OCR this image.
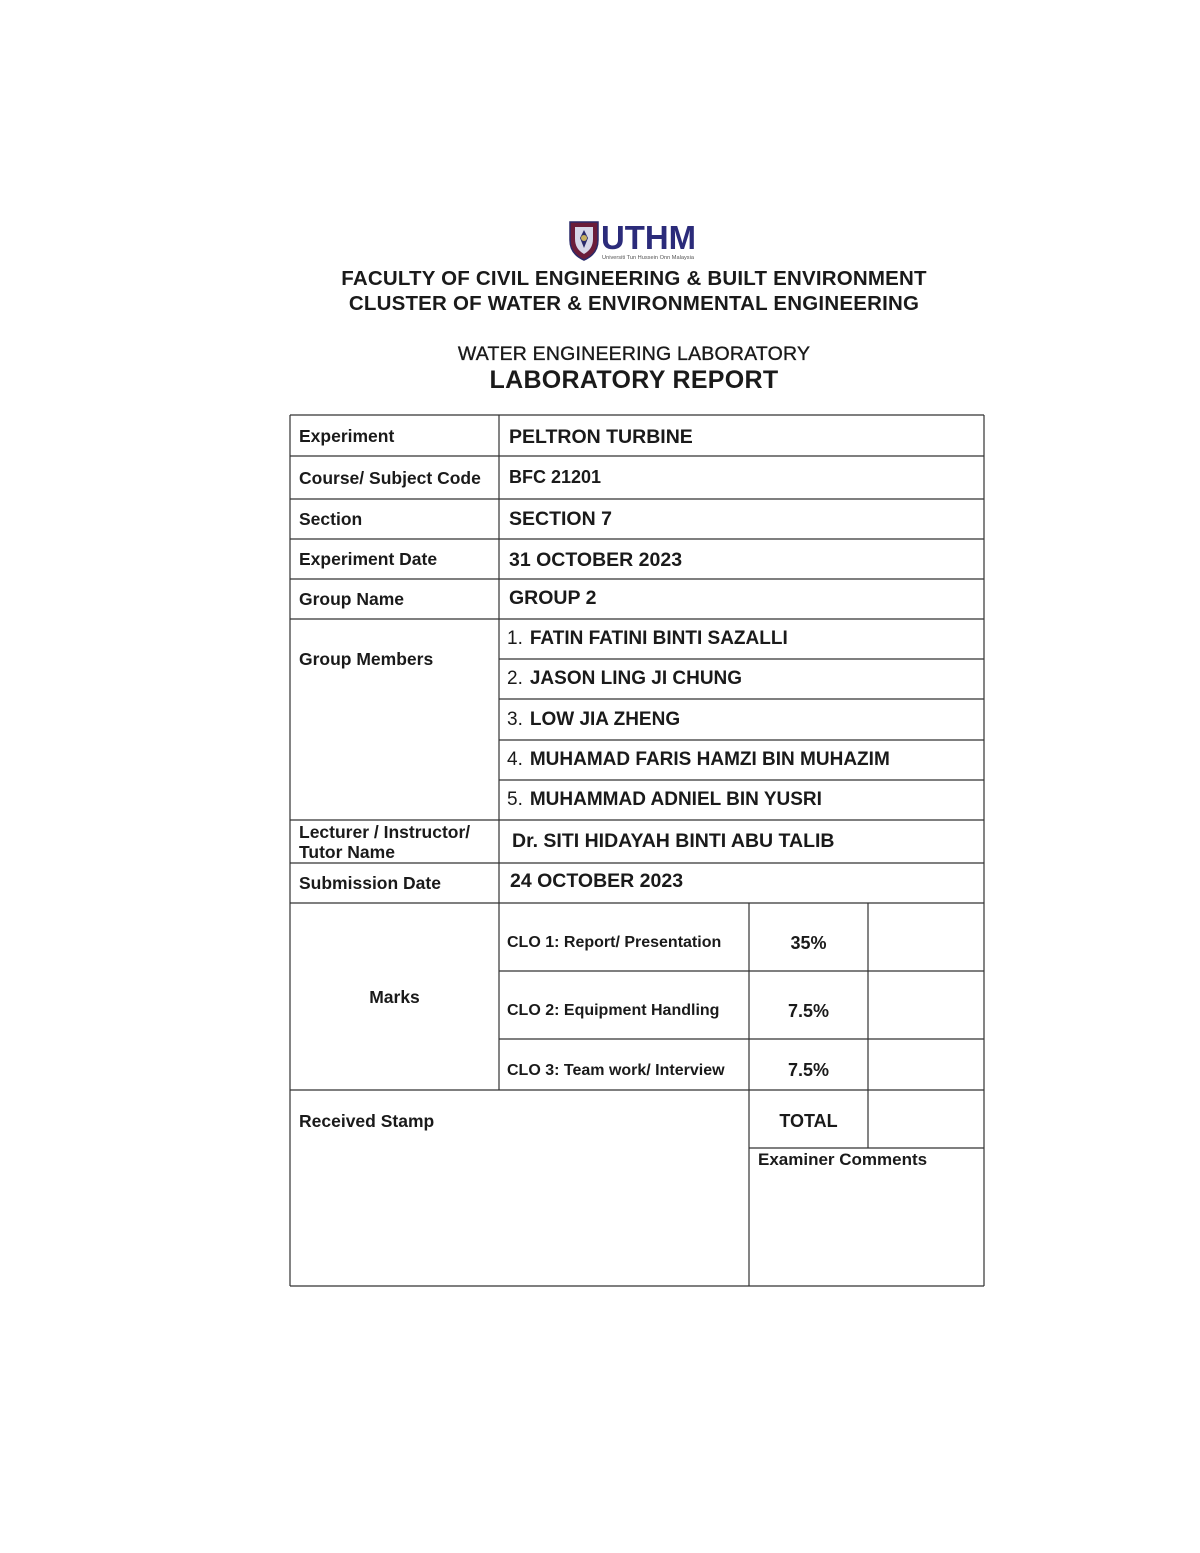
UTHM
Universiti Tun Hussein Onn Malaysia
FACULTY OF CIVIL ENGINEERING & BUILT ENVIRONMENT
CLUSTER OF WATER & ENVIRONMENTAL ENGINEERING
WATER ENGINEERING LABORATORY
LABORATORY REPORT
Experiment	PELTRON TURBINE
Course/ Subject Code	BFC 21201
Section	SECTION 7
Experiment Date	31 OCTOBER 2023
Group Name	GROUP 2
Group Members
1. FATIN FATINI BINTI SAZALLI
2. JASON LING JI CHUNG
3. LOW JIA ZHENG
4. MUHAMAD FARIS HAMZI BIN MUHAZIM
5. MUHAMMAD ADNIEL BIN YUSRI
Lecturer / Instructor/ Tutor Name	Dr. SITI HIDAYAH BINTI ABU TALIB
Submission Date	24 OCTOBER 2023
Marks
CLO 1: Report/ Presentation	35%
CLO 2: Equipment Handling	7.5%
CLO 3: Team work/ Interview	7.5%
Received Stamp	TOTAL
Examiner Comments
